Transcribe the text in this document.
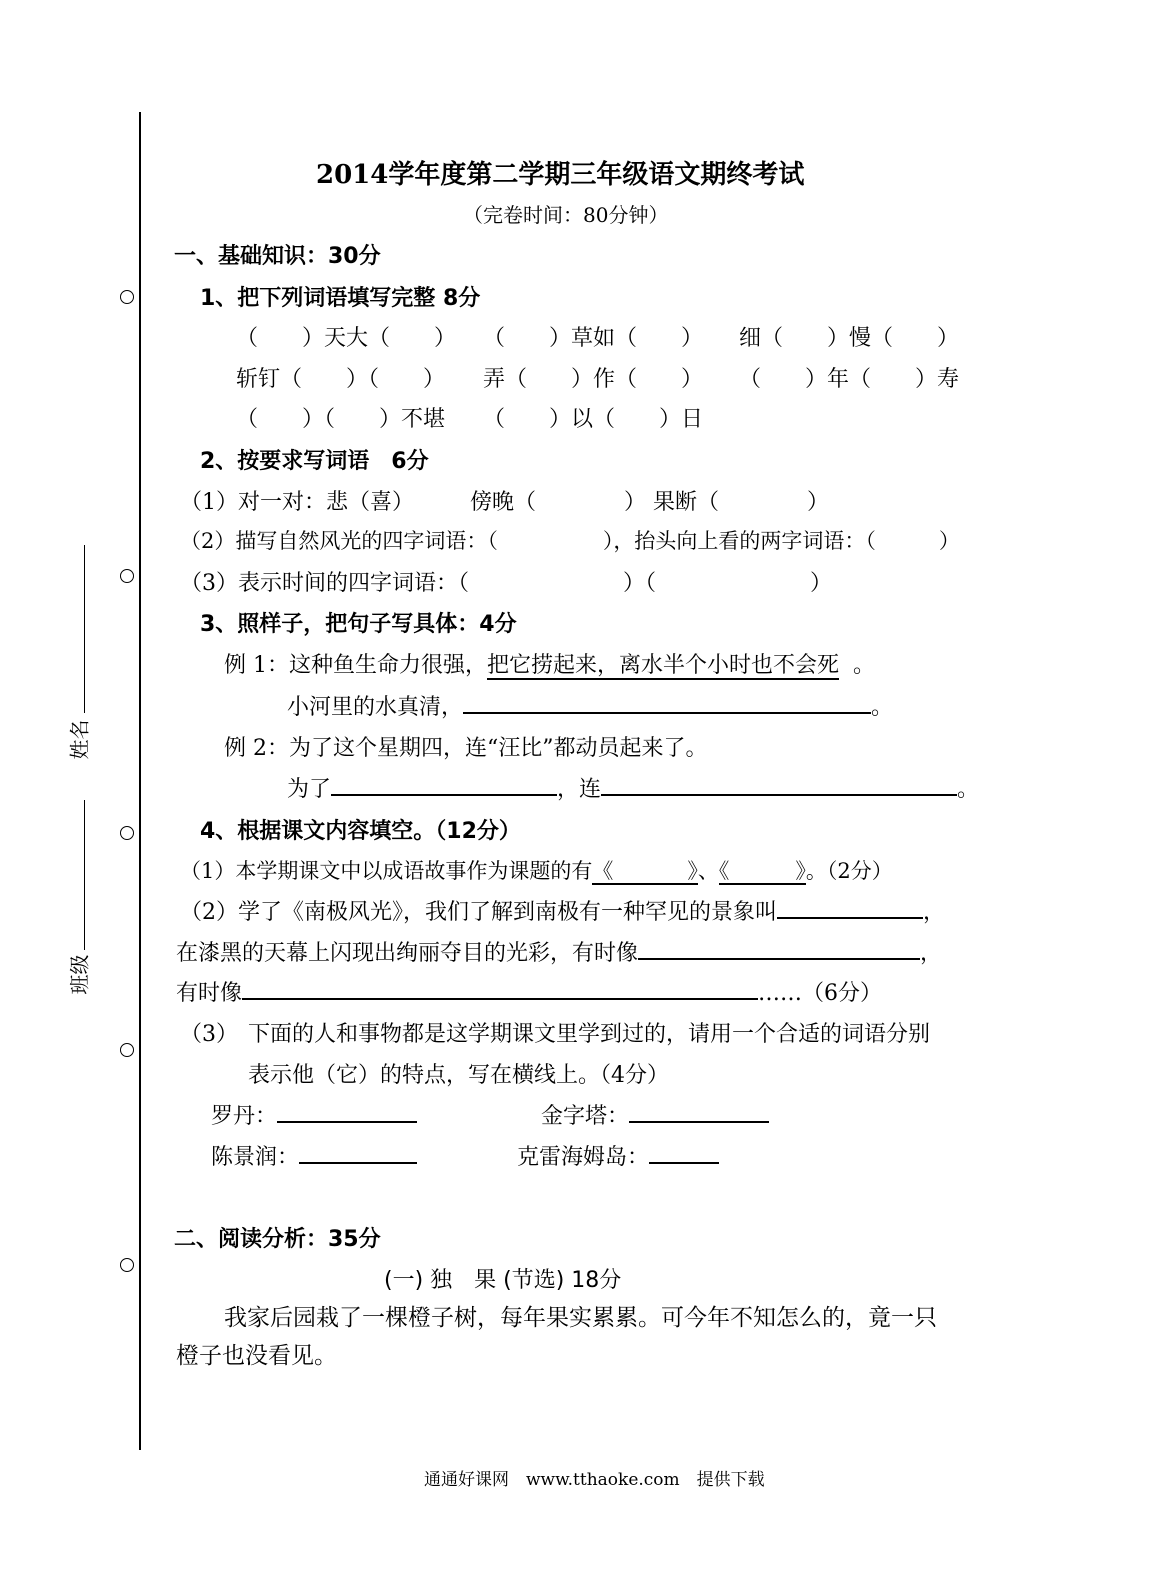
姓名
班级
2014学年度第二学期三年级语文期终考试
（完卷时间：80分钟）
一、基础知识：30分
1、把下列词语填写完整 8分
（　　）天大（　　） （　　）草如（　　） 细（　　）慢（　　）
斩钉（　　）（　　） 弄（　　）作（　　） （　　）年（　　）寿
（　　）（　　）不堪 （　　）以（　　）日
2、按要求写词语　6分
（1）对一对：悲（喜）	傍晚（　　　　） 果断（　　　　）
（2）描写自然风光的四字词语：（　　　　　），抬头向上看的两字词语：（　　　）
（3）表示时间的四字词语：（　　　　　　　）（　　　　　　　）
3、照样子，把句子写具体：4分
例 1：这种鱼生命力很强，把它捞起来，离水半个小时也不会死 。
小河里的水真清，	。
例 2：为了这个星期四，连“汪比”都动员起来了。
为了	，连	。
4、根据课文内容填空。（12分）
（1）本学期课文中以成语故事作为课题的有《	》、《	》。（2分）
（2）学了《南极风光》，我们了解到南极有一种罕见的景象叫	，
在漆黑的天幕上闪现出绚丽夺目的光彩，有时像	，
有时像	……（6分）
（3） 下面的人和事物都是这学期课文里学到过的，请用一个合适的词语分别
表示他（它）的特点，写在横线上。（4分）
罗丹：	金字塔：
陈景润：	克雷海姆岛：
二、阅读分析：35分
(一) 独　果 (节选) 18分
我家后园栽了一棵橙子树，每年果实累累。可今年不知怎么的，竟一只
橙子也没看见。
通通好课网　www.tthaoke.com　提供下载
